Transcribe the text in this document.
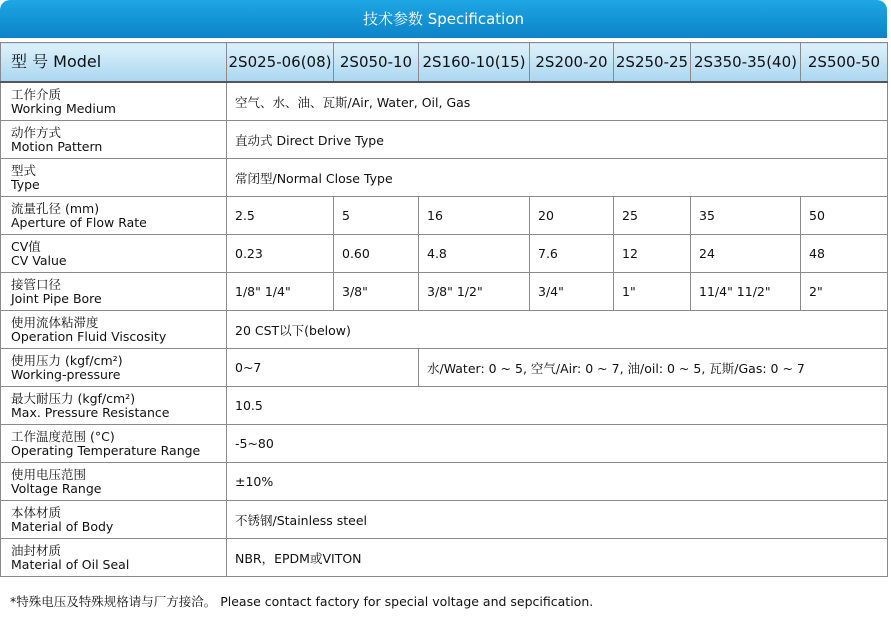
技术参数 Specification
型 号 Model	2S025-06(08)	2S050-10	2S160-10(15)	2S200-20	2S250-25	2S350-35(40)	2S500-50

工作介质
Working Medium	空气、水、油、瓦斯/Air, Water, Oil, Gas						

动作方式
Motion Pattern	直动式 Direct Drive Type						

型式
Type	常闭型/Normal Close Type						

流量孔径 (mm)
Aperture of Flow Rate	2.5	5	16	20	25	35	50

CV值
CV Value	0.23	0.60	4.8	7.6	12	24	48

接管口径
Joint Pipe Bore	1/8" 1/4"	3/8"	3/8" 1/2"	3/4"	1"	11/4" 11/2"	2"

使用流体粘滞度
Operation Fluid Viscosity	20 CST以下(below)						

使用压力 (kgf/cm²)
Working-pressure	0~7		水/Water: 0 ~ 5, 空气/Air: 0 ~ 7, 油/oil: 0 ~ 5, 瓦斯/Gas: 0 ~ 7				

最大耐压力 (kgf/cm²)
Max. Pressure Resistance	10.5						

工作温度范围 (°C)
Operating Temperature Range	-5~80						

使用电压范围
Voltage Range	±10%						

本体材质
Material of Body	不锈钢/Stainless steel						

油封材质
Material of Oil Seal	NBR，EPDM或VITON						
*特殊电压及特殊规格请与厂方接洽。 Please contact factory for special voltage and sepcification.
